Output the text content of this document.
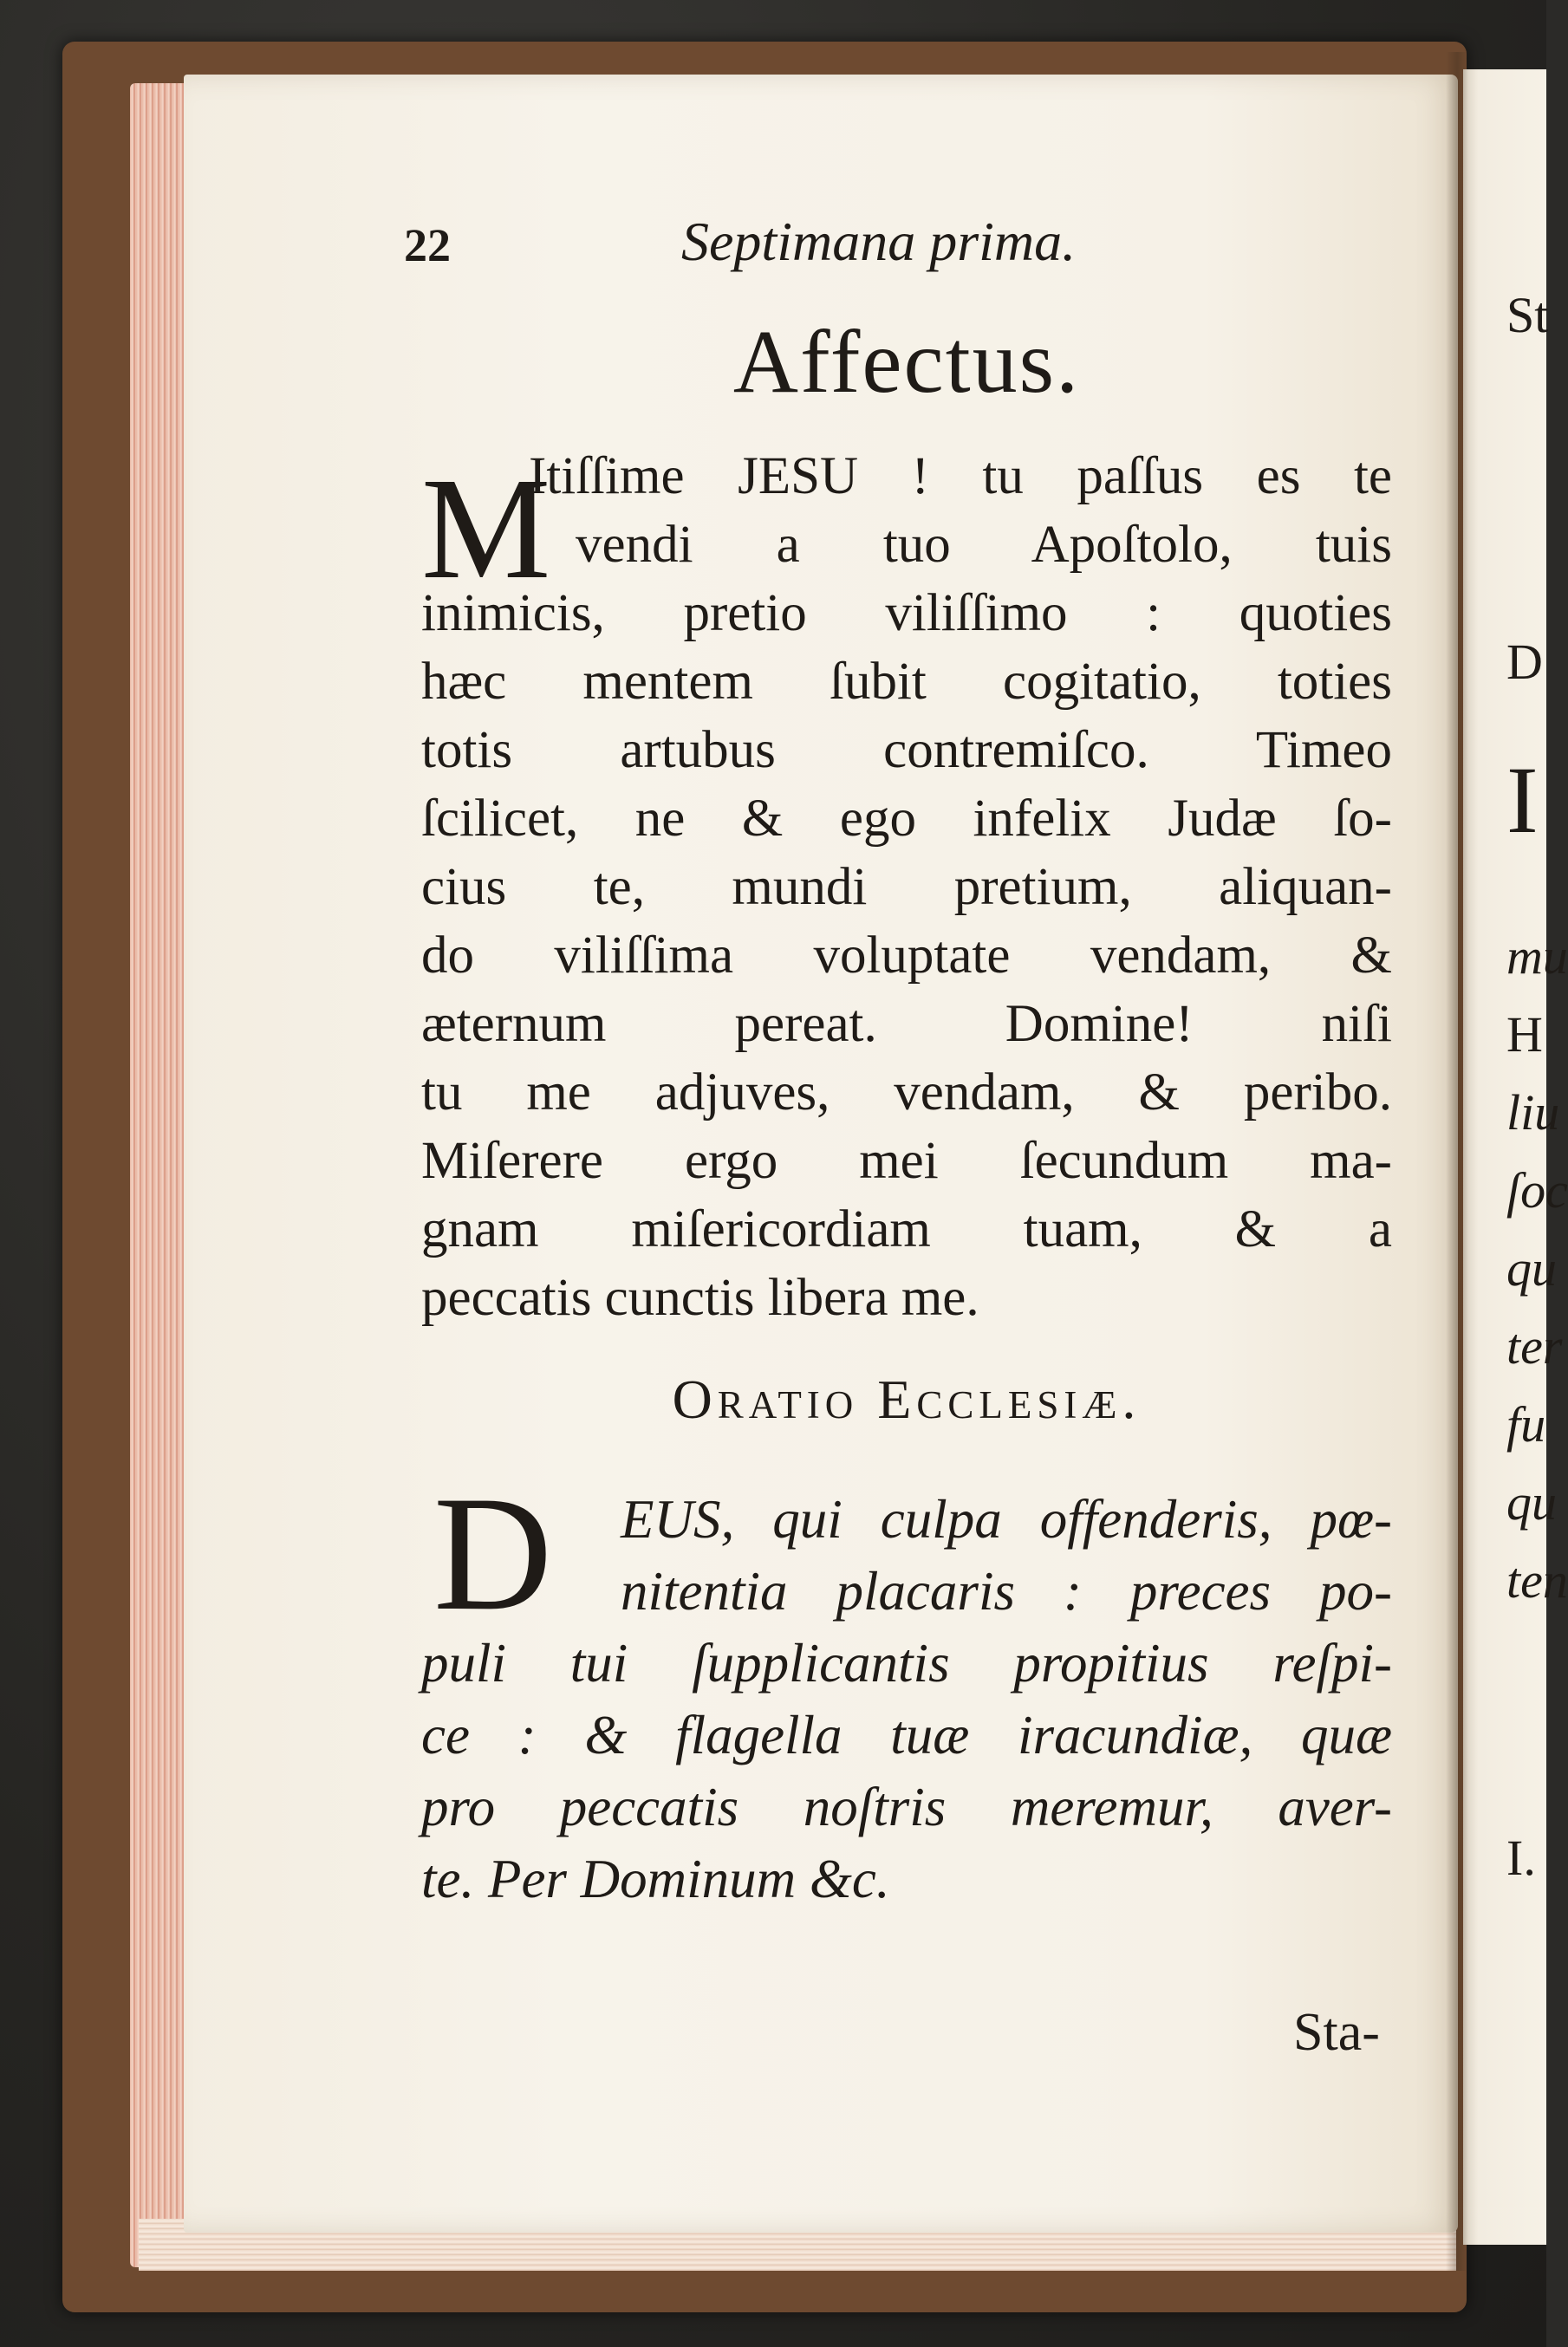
St
D
I
mu
H
liu
ſoc
qu
ter
fu
qu
ten
I.
22	Septimana prima.
Affectus.
M
Itiſſime JESU ! tu paſſus es te
vendi a tuo Apoſtolo, tuis
inimicis, pretio viliſſimo : quoties
hæc mentem ſubit cogitatio, toties
totis artubus contremiſco. Timeo
ſcilicet, ne & ego infelix Judæ ſo-
cius te, mundi pretium, aliquan-
do viliſſima voluptate vendam, &
æternum pereat. Domine! niſi
tu me adjuves, vendam, & peribo.
Miſerere ergo mei ſecundum ma-
gnam miſericordiam tuam, & a
peccatis cunctis libera me.
Oratio Ecclesiæ.
D	EUS, qui culpa offenderis, pœ-
nitentia placaris : preces po-
puli tui ſupplicantis propitius reſpi-
ce : & flagella tuæ iracundiæ, quæ
pro peccatis noſtris meremur, aver-
te. Per Dominum &c.
Sta-
